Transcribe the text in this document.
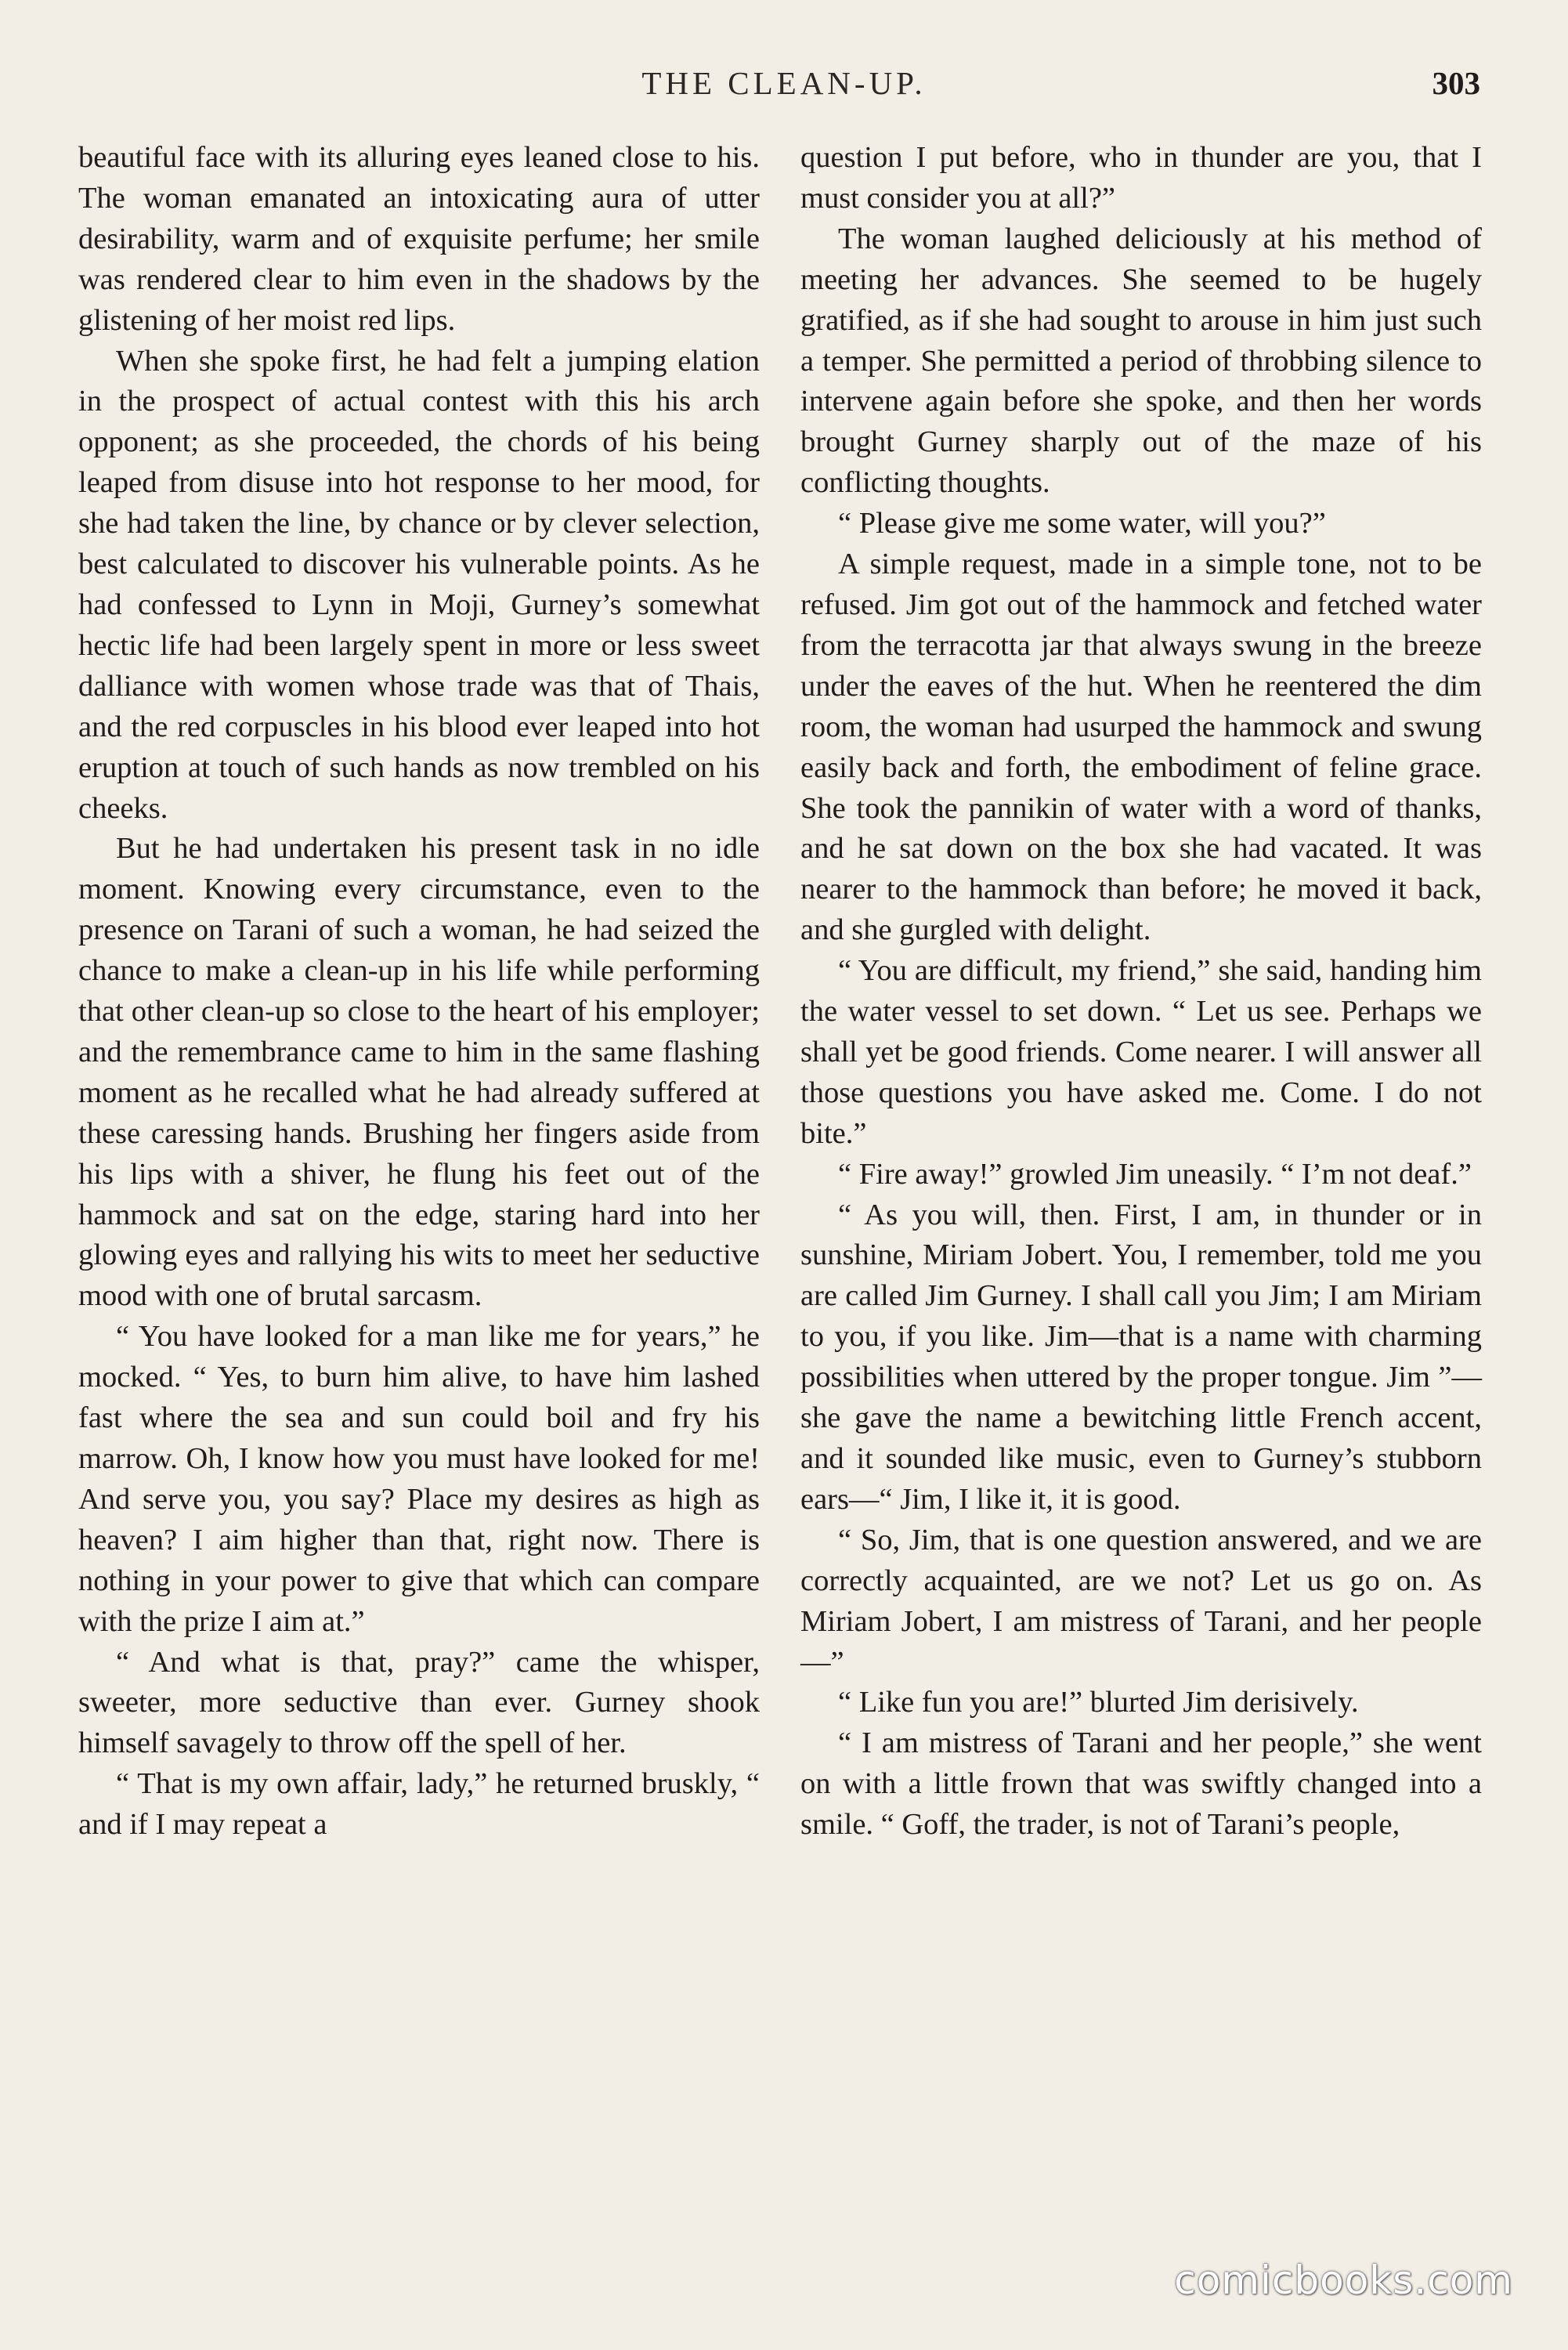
THE CLEAN-UP.	303

beautiful face with its alluring eyes leaned close to his. The woman emanated an intoxicating aura of utter desirability, warm and of exquisite perfume; her smile was rendered clear to him even in the shadows by the glistening of her moist red lips.

When she spoke first, he had felt a jumping elation in the prospect of actual contest with this his arch opponent; as she proceeded, the chords of his being leaped from disuse into hot response to her mood, for she had taken the line, by chance or by clever selection, best calculated to discover his vulnerable points. As he had confessed to Lynn in Moji, Gurney’s somewhat hectic life had been largely spent in more or less sweet dalliance with women whose trade was that of Thais, and the red corpuscles in his blood ever leaped into hot eruption at touch of such hands as now trembled on his cheeks.

But he had undertaken his present task in no idle moment. Knowing every circumstance, even to the presence on Tarani of such a woman, he had seized the chance to make a clean-up in his life while performing that other clean-up so close to the heart of his employer; and the remembrance came to him in the same flashing moment as he recalled what he had already suffered at these caressing hands. Brushing her fingers aside from his lips with a shiver, he flung his feet out of the hammock and sat on the edge, staring hard into her glowing eyes and rallying his wits to meet her seductive mood with one of brutal sarcasm.

“ You have looked for a man like me for years,” he mocked. “ Yes, to burn him alive, to have him lashed fast where the sea and sun could boil and fry his marrow. Oh, I know how you must have looked for me! And serve you, you say? Place my desires as high as heaven? I aim higher than that, right now. There is nothing in your power to give that which can compare with the prize I aim at.”

“ And what is that, pray?” came the whisper, sweeter, more seductive than ever. Gurney shook himself savagely to throw off the spell of her.

“ That is my own affair, lady,” he returned bruskly, “ and if I may repeat a

question I put before, who in thunder are you, that I must consider you at all?”

The woman laughed deliciously at his method of meeting her advances. She seemed to be hugely gratified, as if she had sought to arouse in him just such a temper. She permitted a period of throbbing silence to intervene again before she spoke, and then her words brought Gurney sharply out of the maze of his conflicting thoughts.

“ Please give me some water, will you?”

A simple request, made in a simple tone, not to be refused. Jim got out of the hammock and fetched water from the terracotta jar that always swung in the breeze under the eaves of the hut. When he reentered the dim room, the woman had usurped the hammock and swung easily back and forth, the embodiment of feline grace. She took the pannikin of water with a word of thanks, and he sat down on the box she had vacated. It was nearer to the hammock than before; he moved it back, and she gurgled with delight.

“ You are difficult, my friend,” she said, handing him the water vessel to set down. “ Let us see. Perhaps we shall yet be good friends. Come nearer. I will answer all those questions you have asked me. Come. I do not bite.”

“ Fire away!” growled Jim uneasily. “ I’m not deaf.”

“ As you will, then. First, I am, in thunder or in sunshine, Miriam Jobert. You, I remember, told me you are called Jim Gurney. I shall call you Jim; I am Miriam to you, if you like. Jim—that is a name with charming possibilities when uttered by the proper tongue. Jim ”—she gave the name a bewitching little French accent, and it sounded like music, even to Gurney’s stubborn ears—“ Jim, I like it, it is good.

“ So, Jim, that is one question answered, and we are correctly acquainted, are we not? Let us go on. As Miriam Jobert, I am mistress of Tarani, and her people—”

“ Like fun you are!” blurted Jim derisively.

“ I am mistress of Tarani and her people,” she went on with a little frown that was swiftly changed into a smile. “ Goff, the trader, is not of Tarani’s people,

comicbooks.com
